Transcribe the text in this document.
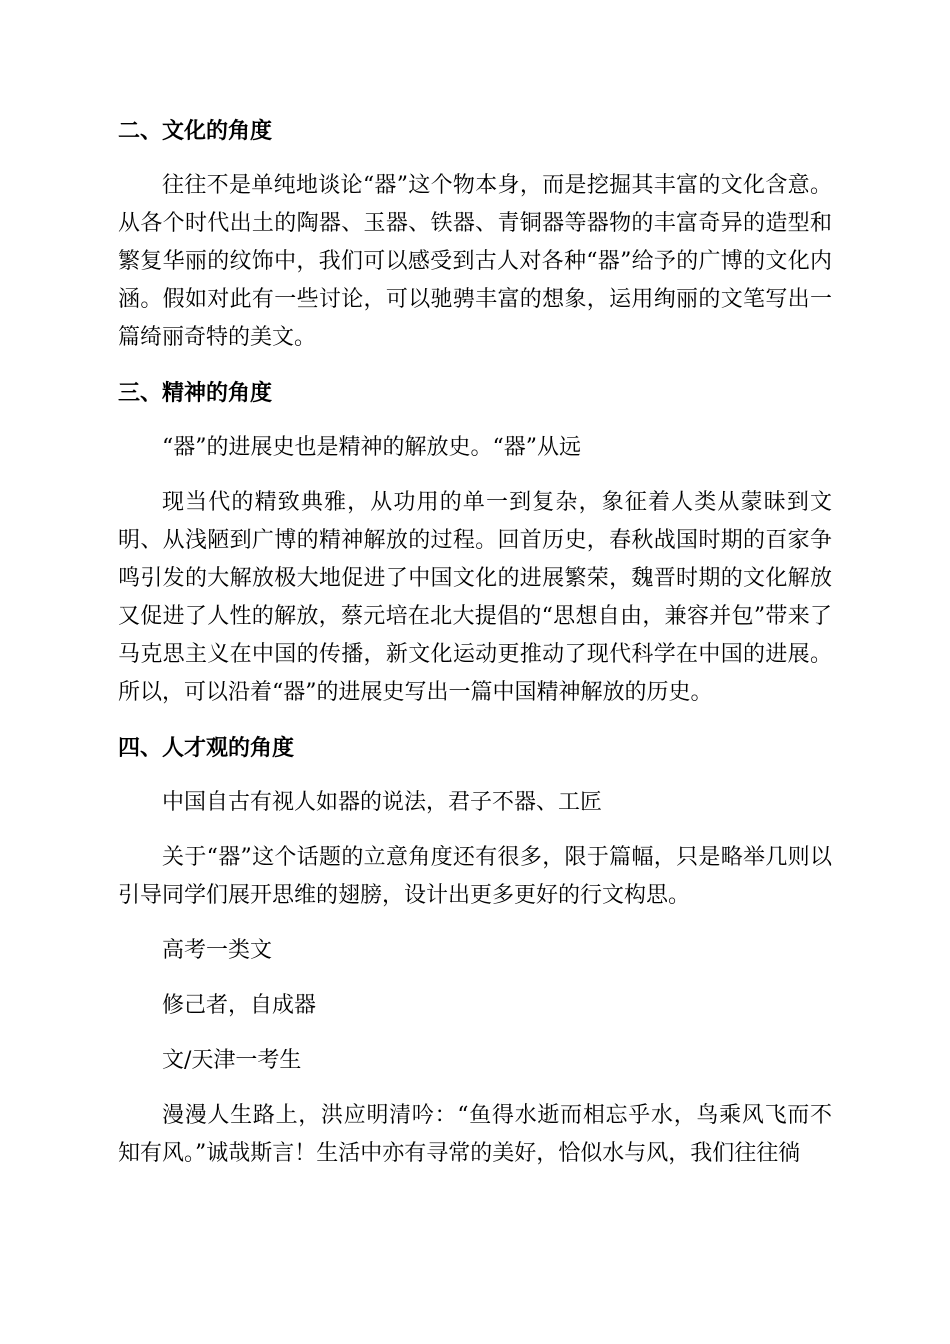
二、文化的角度
往往不是单纯地谈论“器”这个物本身，而是挖掘其丰富的文化含意。从各个时代出土的陶器、玉器、铁器、青铜器等器物的丰富奇异的造型和繁复华丽的纹饰中，我们可以感受到古人对各种“器”给予的广博的文化内涵。假如对此有一些讨论，可以驰骋丰富的想象，运用绚丽的文笔写出一篇绮丽奇特的美文。
三、精神的角度
“器”的进展史也是精神的解放史。“器”从远
现当代的精致典雅，从功用的单一到复杂，象征着人类从蒙昧到文明、从浅陋到广博的精神解放的过程。回首历史，春秋战国时期的百家争鸣引发的大解放极大地促进了中国文化的进展繁荣，魏晋时期的文化解放又促进了人性的解放，蔡元培在北大提倡的“思想自由，兼容并包”带来了马克思主义在中国的传播，新文化运动更推动了现代科学在中国的进展。所以，可以沿着“器”的进展史写出一篇中国精神解放的历史。
四、人才观的角度
中国自古有视人如器的说法，君子不器、工匠
关于“器”这个话题的立意角度还有很多，限于篇幅，只是略举几则以引导同学们展开思维的翅膀，设计出更多更好的行文构思。
高考一类文
修己者，自成器
文/天津一考生
漫漫人生路上，洪应明清吟：“鱼得水逝而相忘乎水，鸟乘风飞而不知有风。”诚哉斯言！生活中亦有寻常的美好，恰似水与风，我们往往徜
